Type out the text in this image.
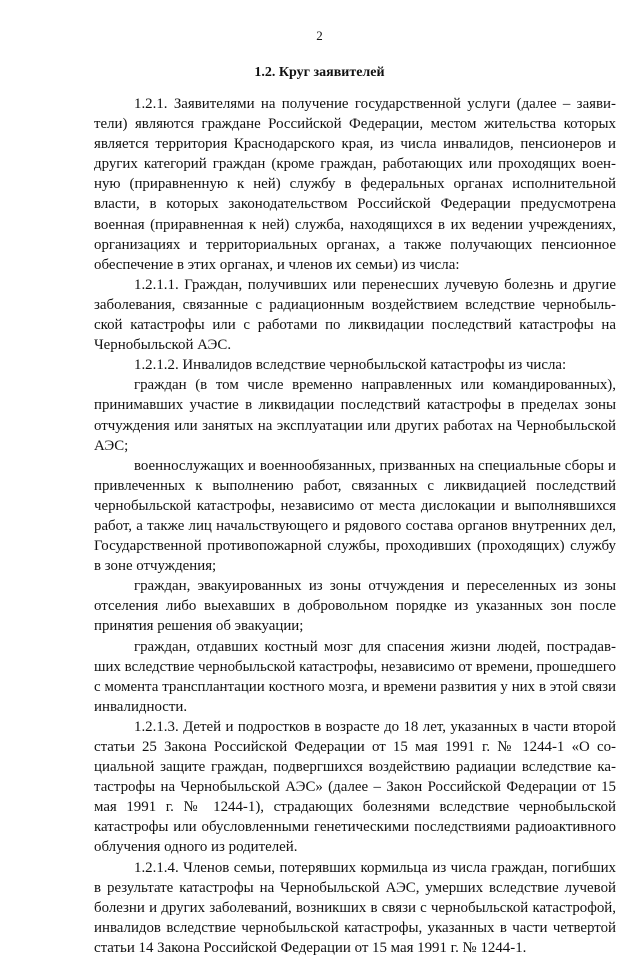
2
1.2. Круг заявителей

1.2.1. Заявителями на получение государственной услуги (далее – заявители) являются граждане Российской Федерации, местом жительства которых является территория Краснодарского края, из числа инвалидов, пенсионеров и других категорий граждан (кроме граждан, работающих или проходящих военную (приравненную к ней) службу в федеральных органах исполнительной власти, в которых законодательством Российской Федерации предусмотрена военная (приравненная к ней) служба, находящихся в их ведении учреждениях, организациях и территориальных органах, а также получающих пенсионное обеспечение в этих органах, и членов их семьи) из числа:

1.2.1.1. Граждан, получивших или перенесших лучевую болезнь и другие заболевания, связанные с радиационным воздействием вследствие чернобыльской катастрофы или с работами по ликвидации последствий катастрофы на Чернобыльской АЭС.

1.2.1.2. Инвалидов вследствие чернобыльской катастрофы из числа:

граждан (в том числе временно направленных или командированных), принимавших участие в ликвидации последствий катастрофы в пределах зоны отчуждения или занятых на эксплуатации или других работах на Чернобыльской АЭС;

военнослужащих и военнообязанных, призванных на специальные сборы и привлеченных к выполнению работ, связанных с ликвидацией последствий чернобыльской катастрофы, независимо от места дислокации и выполнявшихся работ, а также лиц начальствующего и рядового состава органов внутренних дел, Государственной противопожарной службы, проходивших (проходящих) службу в зоне отчуждения;

граждан, эвакуированных из зоны отчуждения и переселенных из зоны отселения либо выехавших в добровольном порядке из указанных зон после принятия решения об эвакуации;

граждан, отдавших костный мозг для спасения жизни людей, пострадавших вследствие чернобыльской катастрофы, независимо от времени, прошедшего с момента трансплантации костного мозга, и времени развития у них в этой связи инвалидности.

1.2.1.3. Детей и подростков в возрасте до 18 лет, указанных в части второй статьи 25 Закона Российской Федерации от 15 мая 1991 г. № 1244-1 «О социальной защите граждан, подвергшихся воздействию радиации вследствие катастрофы на Чернобыльской АЭС» (далее – Закон Российской Федерации от 15 мая 1991 г. № 1244-1), страдающих болезнями вследствие чернобыльской катастрофы или обусловленными генетическими последствиями радиоактивного облучения одного из родителей.

1.2.1.4. Членов семьи, потерявших кормильца из числа граждан, погибших в результате катастрофы на Чернобыльской АЭС, умерших вследствие лучевой болезни и других заболеваний, возникших в связи с чернобыльской катастрофой, инвалидов вследствие чернобыльской катастрофы, указанных в части четвертой статьи 14 Закона Российской Федерации от 15 мая 1991 г. № 1244-1.
